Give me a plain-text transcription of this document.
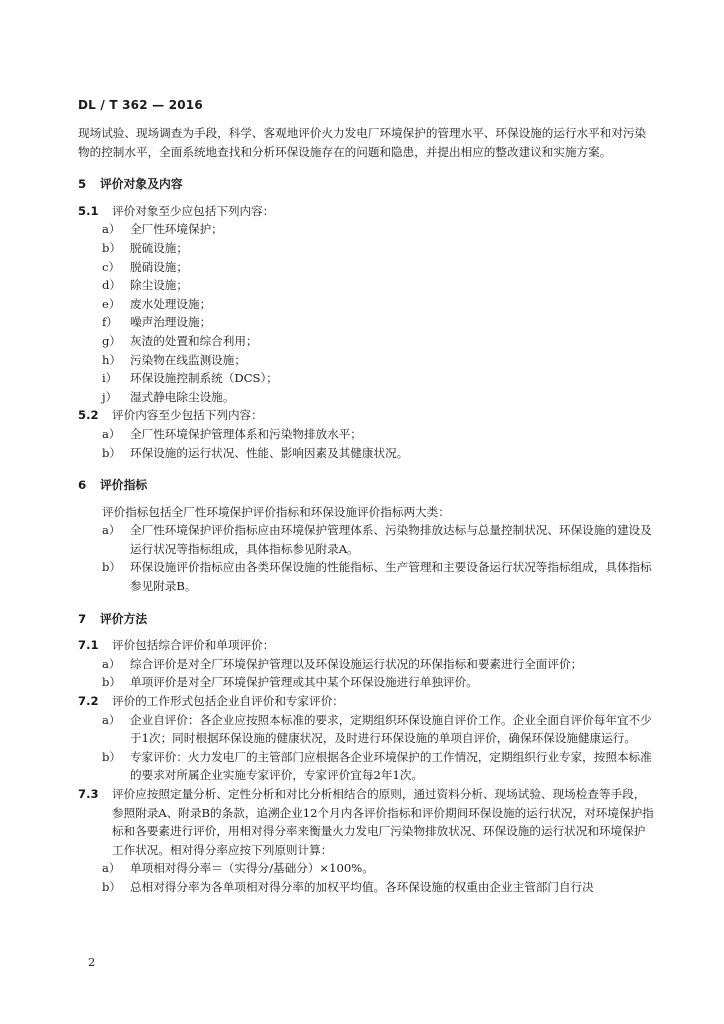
DL / T 362 — 2016

现场试验、现场调查为手段，科学、客观地评价火力发电厂环境保护的管理水平、环保设施的运行水平和对污染物的控制水平，全面系统地查找和分析环保设施存在的问题和隐患，并提出相应的整改建议和实施方案。

5 评价对象及内容
5.1	评价对象至少应包括下列内容：
a） 全厂性环境保护；
b） 脱硫设施；
c） 脱硝设施；
d） 除尘设施；
e） 废水处理设施；
f）	噪声治理设施；
g） 灰渣的处置和综合利用；
h） 污染物在线监测设施；
i）	环保设施控制系统（DCS）；
j）	湿式静电除尘设施。
5.2	评价内容至少包括下列内容：
a） 全厂性环境保护管理体系和污染物排放水平；
b） 环保设施的运行状况、性能、影响因素及其健康状况。
6 评价指标

评价指标包括全厂性环境保护评价指标和环保设施评价指标两大类：

a） 全厂性环境保护评价指标应由环境保护管理体系、污染物排放达标与总量控制状况、环保设施的建设及运行状况等指标组成，具体指标参见附录A。
b） 环保设施评价指标应由各类环保设施的性能指标、生产管理和主要设备运行状况等指标组成，具体指标参见附录B。
7 评价方法
7.1	评价包括综合评价和单项评价：
a） 综合评价是对全厂环境保护管理以及环保设施运行状况的环保指标和要素进行全面评价；
b） 单项评价是对全厂环境保护管理或其中某个环保设施进行单独评价。
7.2	评价的工作形式包括企业自评价和专家评价：
a） 企业自评价：各企业应按照本标准的要求，定期组织环保设施自评价工作。企业全面自评价每年宜不少于1次；同时根据环保设施的健康状况，及时进行环保设施的单项自评价，确保环保设施健康运行。
b） 专家评价：火力发电厂的主管部门应根据各企业环境保护的工作情况，定期组织行业专家，按照本标准的要求对所属企业实施专家评价，专家评价宜每2年1次。
7.3	评价应按照定量分析、定性分析和对比分析相结合的原则，通过资料分析、现场试验、现场检查等手段，参照附录A、附录B的条款，追溯企业12个月内各评价指标和评价期间环保设施的运行状况，对环境保护指标和各要素进行评价，用相对得分率来衡量火力发电厂污染物排放状况、环保设施的运行状况和环境保护工作状况。相对得分率应按下列原则计算：
a） 单项相对得分率＝（实得分/基础分）×100%。
b） 总相对得分率为各单项相对得分率的加权平均值。各环保设施的权重由企业主管部门自行决
2
